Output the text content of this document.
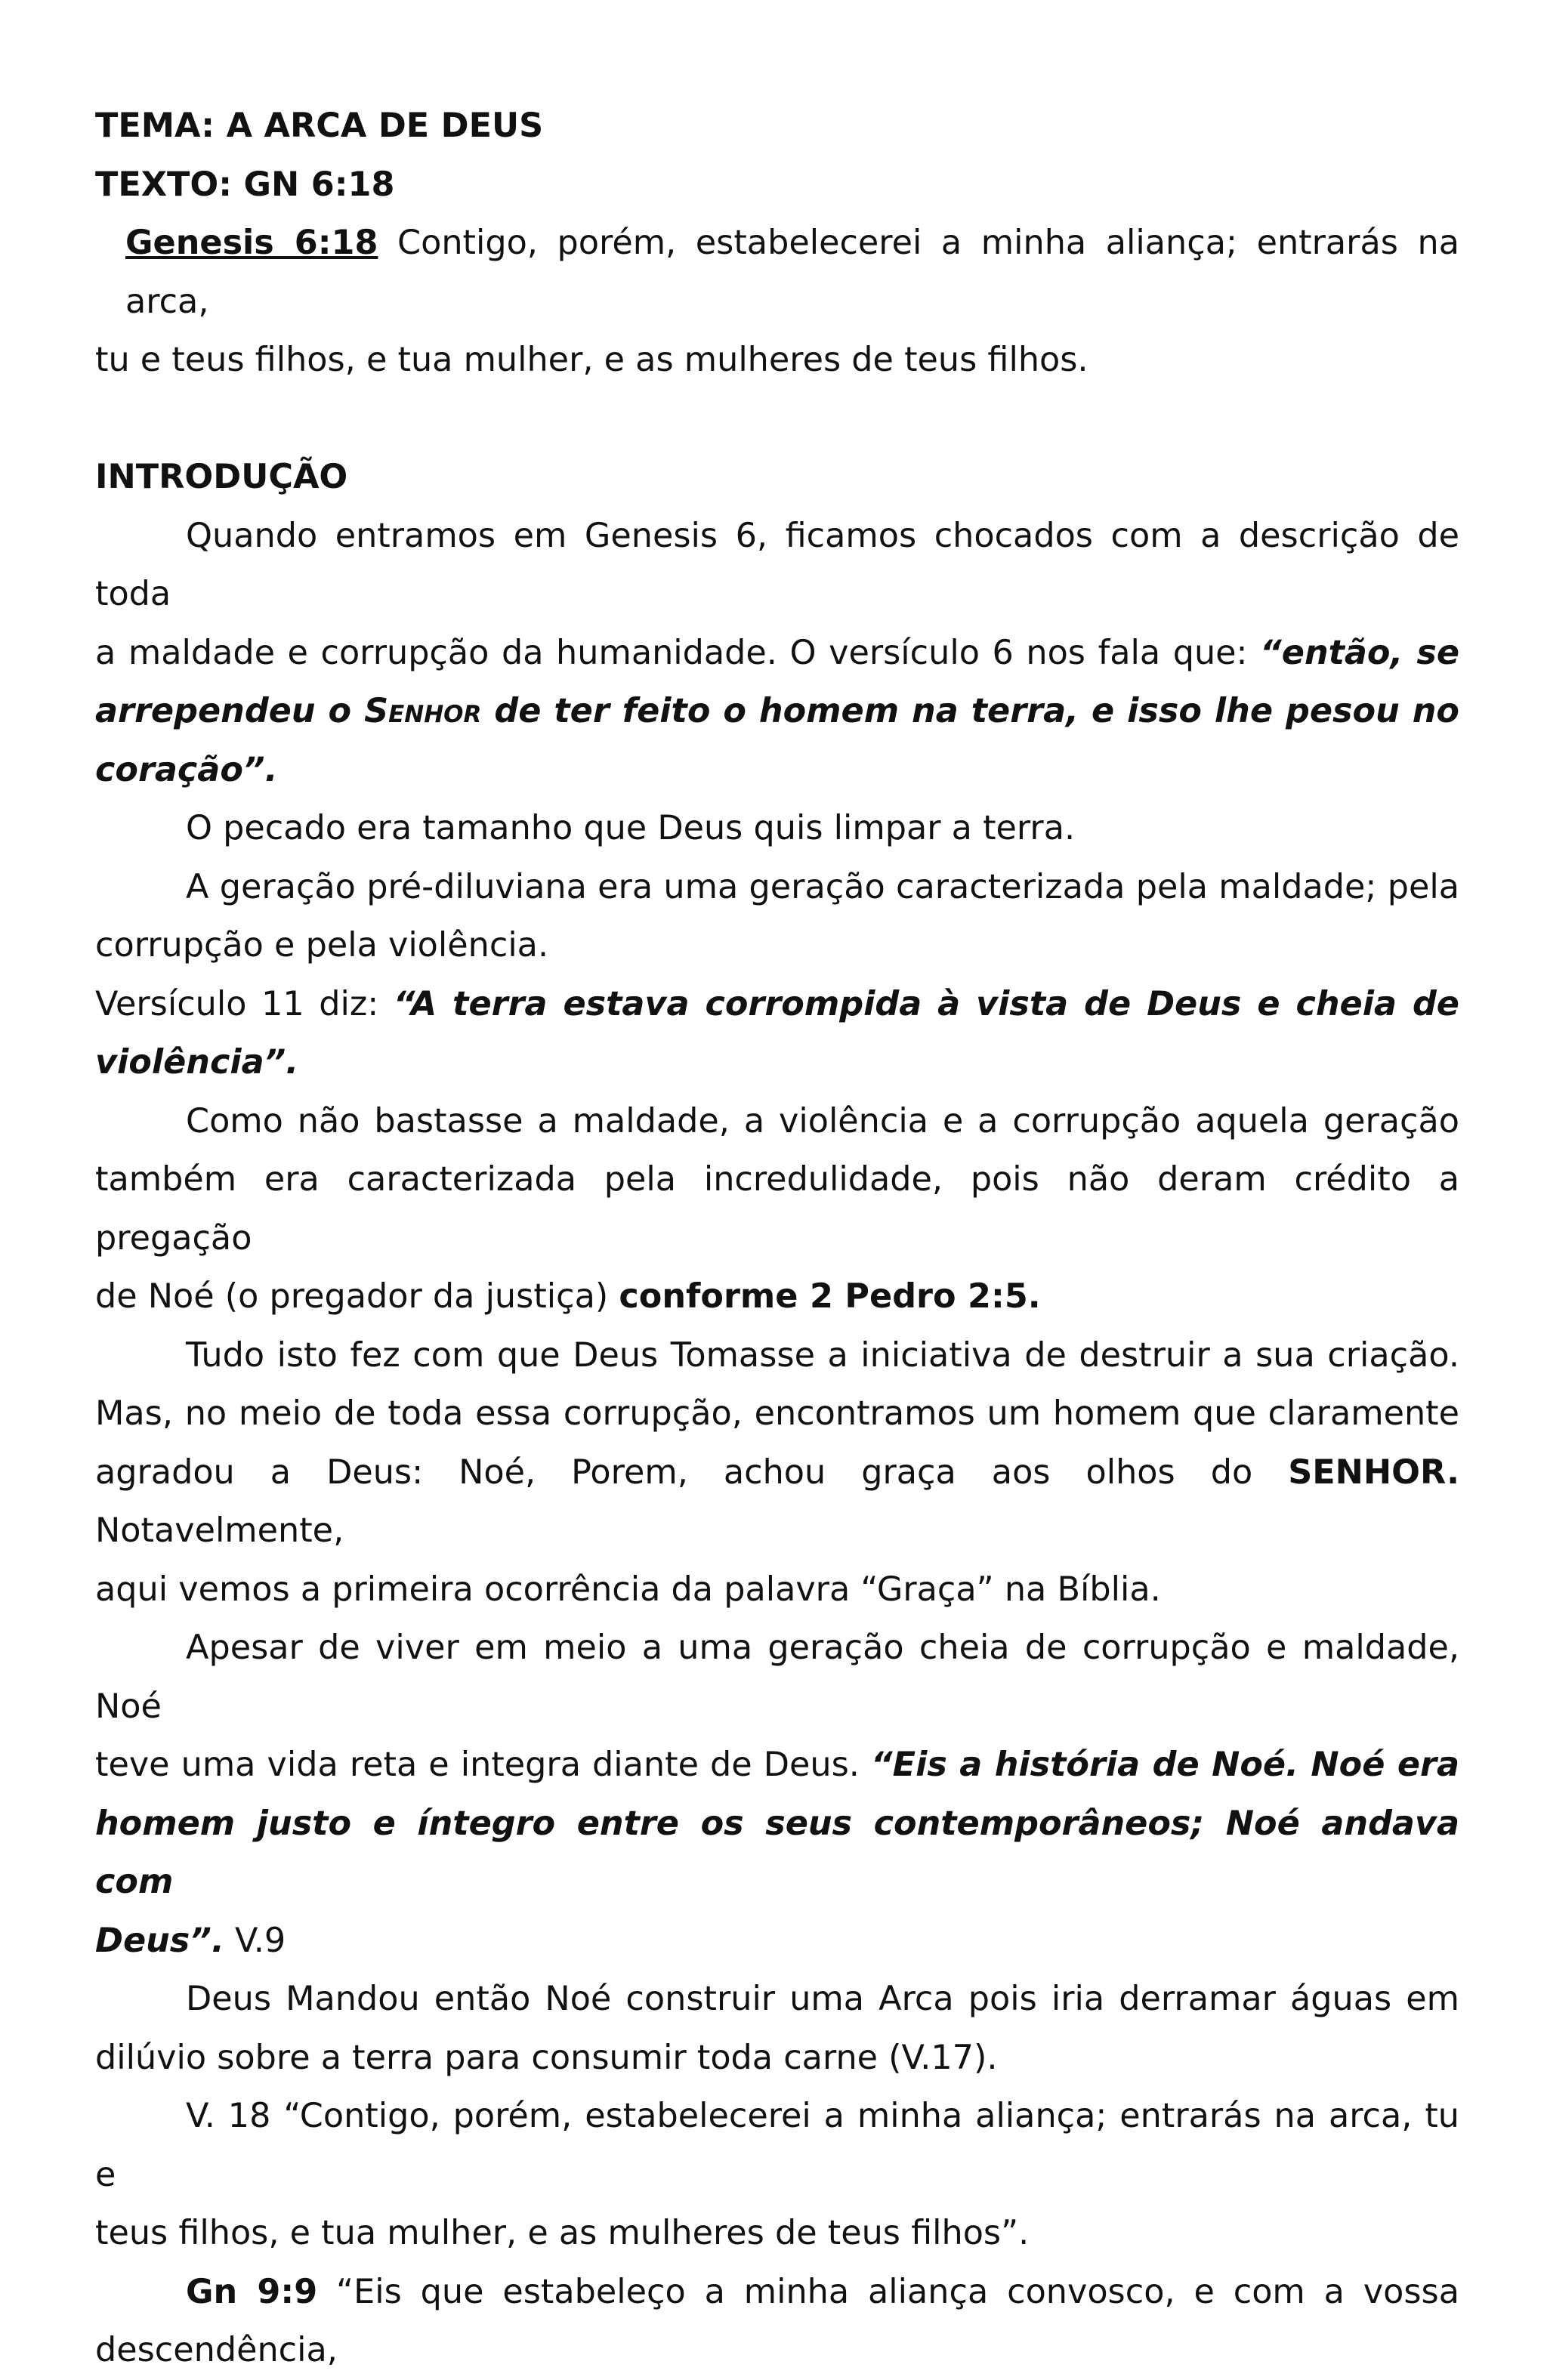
TEMA: A ARCA DE DEUS
TEXTO: GN 6:18
Genesis 6:18 Contigo, porém, estabelecerei a minha aliança; entrarás na arca,
tu e teus filhos, e tua mulher, e as mulheres de teus filhos.
INTRODUÇÃO
Quando entramos em Genesis 6, ficamos chocados com a descrição de toda
a maldade e corrupção da humanidade. O versículo 6 nos fala que: “então, se
arrependeu o Senhor de ter feito o homem na terra, e isso lhe pesou no
coração”.
O pecado era tamanho que Deus quis limpar a terra.
A geração pré-diluviana era uma geração caracterizada pela maldade; pela
corrupção e pela violência.
Versículo 11 diz: “A terra estava corrompida à vista de Deus e cheia de
violência”.
Como não bastasse a maldade, a violência e a corrupção aquela geração
também era caracterizada pela incredulidade, pois não deram crédito a pregação
de Noé (o pregador da justiça) conforme 2 Pedro 2:5.
Tudo isto fez com que Deus Tomasse a iniciativa de destruir a sua criação.
Mas, no meio de toda essa corrupção, encontramos um homem que claramente
agradou a Deus: Noé, Porem, achou graça aos olhos do SENHOR. Notavelmente,
aqui vemos a primeira ocorrência da palavra “Graça” na Bíblia.
Apesar de viver em meio a uma geração cheia de corrupção e maldade, Noé
teve uma vida reta e integra diante de Deus. “Eis a história de Noé. Noé era
homem justo e íntegro entre os seus contemporâneos; Noé andava com
Deus”. V.9
Deus Mandou então Noé construir uma Arca pois iria derramar águas em
dilúvio sobre a terra para consumir toda carne (V.17).
V. 18 “Contigo, porém, estabelecerei a minha aliança; entrarás na arca, tu e
teus filhos, e tua mulher, e as mulheres de teus filhos”.
Gn 9:9 “Eis que estabeleço a minha aliança convosco, e com a vossa
descendência,
